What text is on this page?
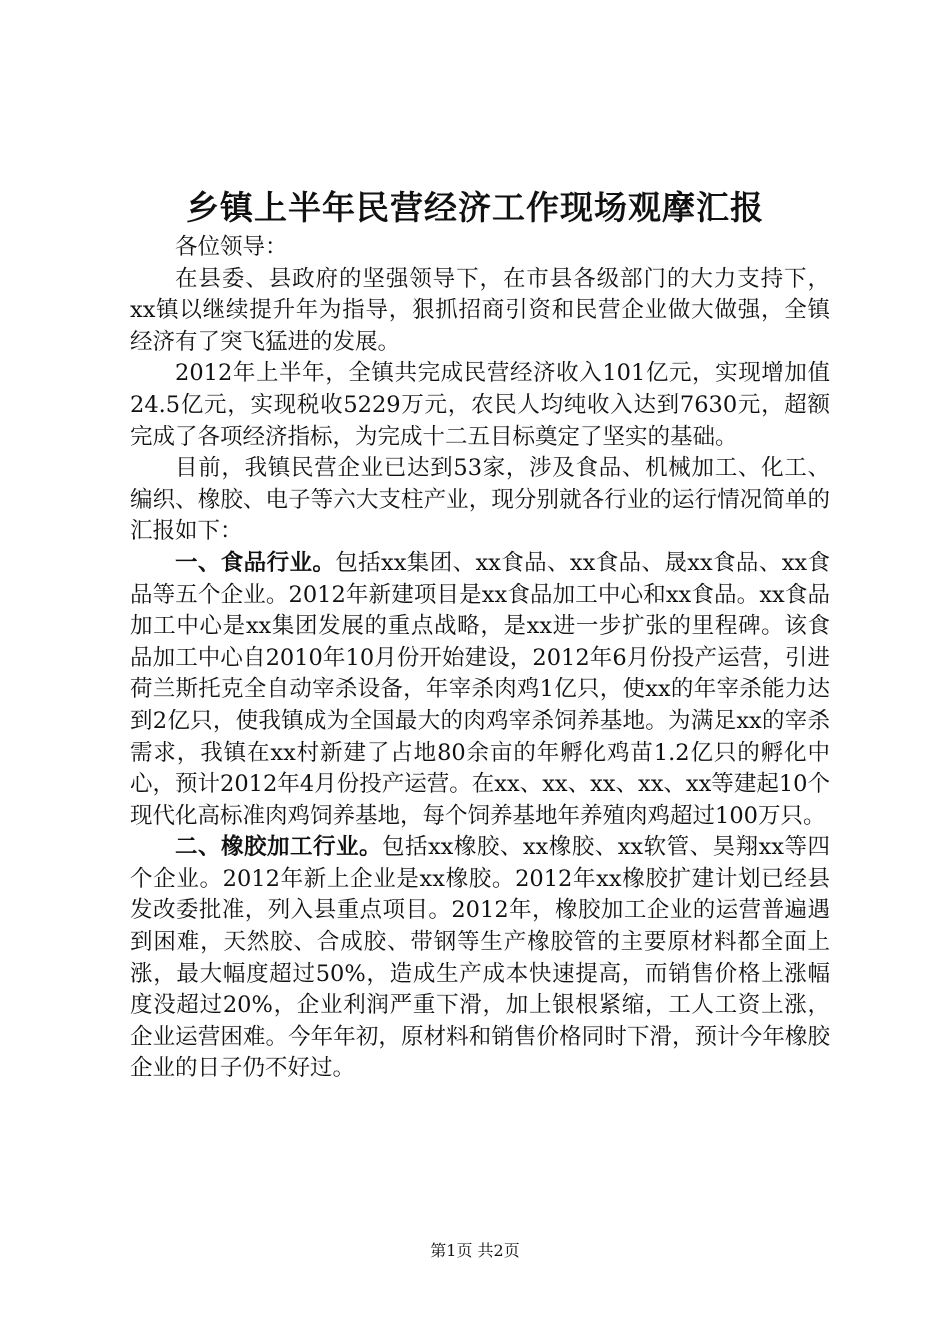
乡镇上半年民营经济工作现场观摩汇报

各位领导：

在县委、县政府的坚强领导下，在市县各级部门的大力支持下，xx镇以继续提升年为指导，狠抓招商引资和民营企业做大做强，全镇经济有了突飞猛进的发展。

2012年上半年，全镇共完成民营经济收入101亿元，实现增加值24.5亿元，实现税收5229万元，农民人均纯收入达到7630元，超额完成了各项经济指标，为完成十二五目标奠定了坚实的基础。

目前，我镇民营企业已达到53家，涉及食品、机械加工、化工、编织、橡胶、电子等六大支柱产业，现分别就各行业的运行情况简单的汇报如下：

一、食品行业。包括xx集团、xx食品、xx食品、晟xx食品、xx食品等五个企业。2012年新建项目是xx食品加工中心和xx食品。xx食品加工中心是xx集团发展的重点战略，是xx进一步扩张的里程碑。该食品加工中心自2010年10月份开始建设，2012年6月份投产运营，引进荷兰斯托克全自动宰杀设备，年宰杀肉鸡1亿只，使xx的年宰杀能力达到2亿只，使我镇成为全国最大的肉鸡宰杀饲养基地。为满足xx的宰杀需求，我镇在xx村新建了占地80余亩的年孵化鸡苗1.2亿只的孵化中心，预计2012年4月份投产运营。在xx、xx、xx、xx、xx等建起10个现代化高标准肉鸡饲养基地，每个饲养基地年养殖肉鸡超过100万只。

二、橡胶加工行业。包括xx橡胶、xx橡胶、xx软管、昊翔xx等四个企业。2012年新上企业是xx橡胶。2012年xx橡胶扩建计划已经县发改委批准，列入县重点项目。2012年，橡胶加工企业的运营普遍遇到困难，天然胶、合成胶、带钢等生产橡胶管的主要原材料都全面上涨，最大幅度超过50%，造成生产成本快速提高，而销售价格上涨幅度没超过20%，企业利润严重下滑，加上银根紧缩，工人工资上涨，企业运营困难。今年年初，原材料和销售价格同时下滑，预计今年橡胶企业的日子仍不好过。

第1页 共2页
